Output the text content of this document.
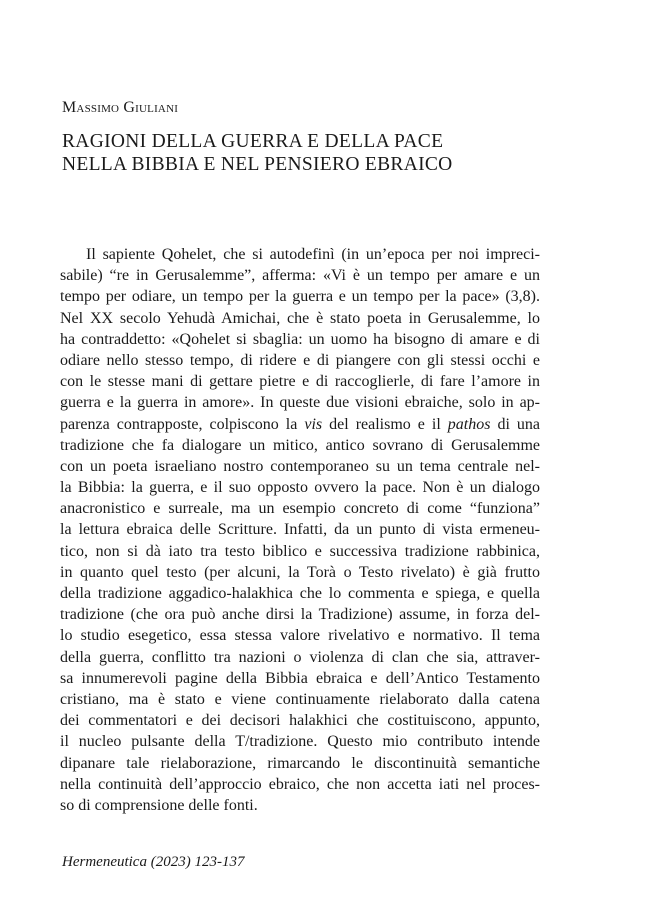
Massimo Giuliani
RAGIONI DELLA GUERRA E DELLA PACE
NELLA BIBBIA E NEL PENSIERO EBRAICO
Il sapiente Qohelet, che si autodefinì (in un’epoca per noi impreci-
sabile) “re in Gerusalemme”, afferma: «Vi è un tempo per amare e un
tempo per odiare, un tempo per la guerra e un tempo per la pace» (3,8).
Nel XX secolo Yehudà Amichai, che è stato poeta in Gerusalemme, lo
ha contraddetto: «Qohelet si sbaglia: un uomo ha bisogno di amare e di
odiare nello stesso tempo, di ridere e di piangere con gli stessi occhi e
con le stesse mani di gettare pietre e di raccoglierle, di fare l’amore in
guerra e la guerra in amore». In queste due visioni ebraiche, solo in ap-
parenza contrapposte, colpiscono la vis del realismo e il pathos di una
tradizione che fa dialogare un mitico, antico sovrano di Gerusalemme
con un poeta israeliano nostro contemporaneo su un tema centrale nel-
la Bibbia: la guerra, e il suo opposto ovvero la pace. Non è un dialogo
anacronistico e surreale, ma un esempio concreto di come “funziona”
la lettura ebraica delle Scritture. Infatti, da un punto di vista ermeneu-
tico, non si dà iato tra testo biblico e successiva tradizione rabbinica,
in quanto quel testo (per alcuni, la Torà o Testo rivelato) è già frutto
della tradizione aggadico-halakhica che lo commenta e spiega, e quella
tradizione (che ora può anche dirsi la Tradizione) assume, in forza del-
lo studio esegetico, essa stessa valore rivelativo e normativo. Il tema
della guerra, conflitto tra nazioni o violenza di clan che sia, attraver-
sa innumerevoli pagine della Bibbia ebraica e dell’Antico Testamento
cristiano, ma è stato e viene continuamente rielaborato dalla catena
dei commentatori e dei decisori halakhici che costituiscono, appunto,
il nucleo pulsante della T/tradizione. Questo mio contributo intende
dipanare tale rielaborazione, rimarcando le discontinuità semantiche
nella continuità dell’approccio ebraico, che non accetta iati nel proces-
so di comprensione delle fonti.
Hermeneutica (2023) 123-137
